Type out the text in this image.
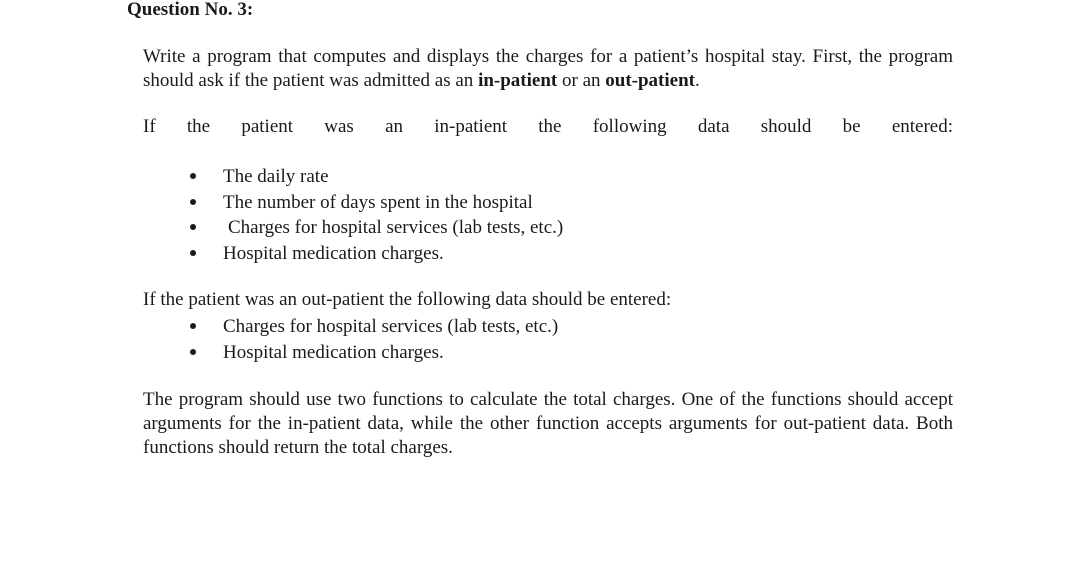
Question No. 3:

Write a program that computes and displays the charges for a patient’s hospital stay. First, the program should ask if the patient was admitted as an in-patient or an out-patient.

If the patient was an in-patient the following data should be entered:

The daily rate
The number of days spent in the hospital
Charges for hospital services (lab tests, etc.)
Hospital medication charges.

If the patient was an out-patient the following data should be entered:

Charges for hospital services (lab tests, etc.)
Hospital medication charges.

The program should use two functions to calculate the total charges. One of the functions should accept arguments for the in-patient data, while the other function accepts arguments for out-patient data. Both functions should return the total charges.
